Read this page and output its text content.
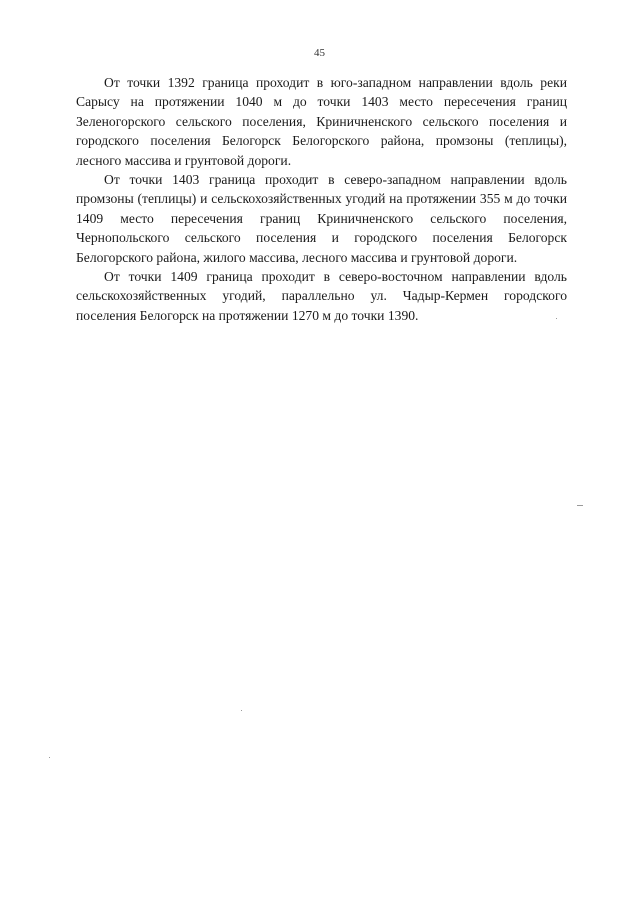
45

От точки 1392 граница проходит в юго-западном направлении вдоль реки Сарысу на протяжении 1040 м до точки 1403 место пересечения границ Зеленогорского сельского поселения, Криничненского сельского поселения и городского поселения Белогорск Белогорского района, промзоны (теплицы), лесного массива и грунтовой дороги.

От точки 1403 граница проходит в северо-западном направлении вдоль промзоны (теплицы) и сельскохозяйственных угодий на протяжении 355 м до точки 1409 место пересечения границ Криничненского сельского поселения, Чернопольского сельского поселения и городского поселения Белогорск Белогорского района, жилого массива, лесного массива и грунтовой дороги.

От точки 1409 граница проходит в северо-восточном направлении вдоль сельскохозяйственных угодий, параллельно ул. Чадыр-Кермен городского поселения Белогорск на протяжении 1270 м до точки 1390.
